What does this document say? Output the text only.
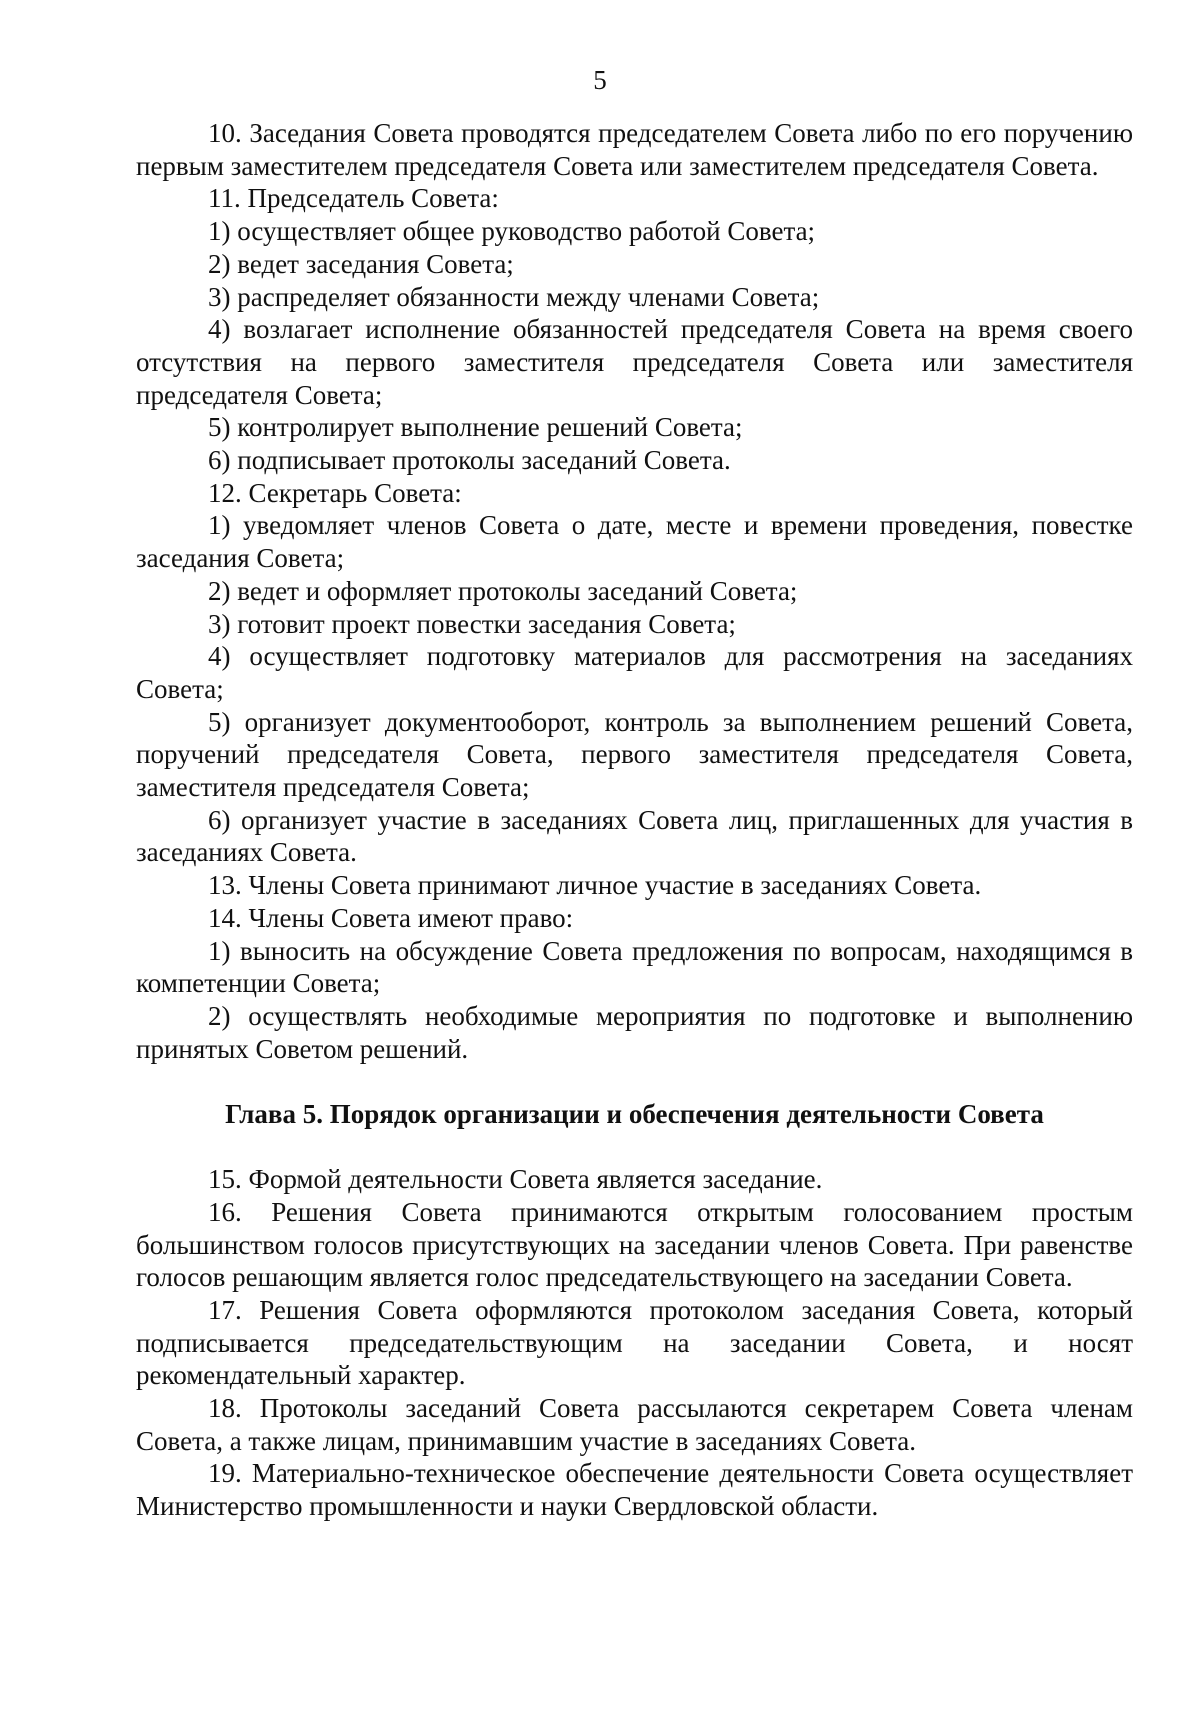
5

10. Заседания Совета проводятся председателем Совета либо по его поручению первым заместителем председателя Совета или заместителем председателя Совета.

11. Председатель Совета:

1) осуществляет общее руководство работой Совета;

2) ведет заседания Совета;

3) распределяет обязанности между членами Совета;

4) возлагает исполнение обязанностей председателя Совета на время своего отсутствия на первого заместителя председателя Совета или заместителя председателя Совета;

5) контролирует выполнение решений Совета;

6) подписывает протоколы заседаний Совета.

12. Секретарь Совета:

1) уведомляет членов Совета о дате, месте и времени проведения, повестке заседания Совета;

2) ведет и оформляет протоколы заседаний Совета;

3) готовит проект повестки заседания Совета;

4) осуществляет подготовку материалов для рассмотрения на заседаниях Совета;

5) организует документооборот, контроль за выполнением решений Совета, поручений председателя Совета, первого заместителя председателя Совета, заместителя председателя Совета;

6) организует участие в заседаниях Совета лиц, приглашенных для участия в заседаниях Совета.

13. Члены Совета принимают личное участие в заседаниях Совета.

14. Члены Совета имеют право:

1) выносить на обсуждение Совета предложения по вопросам, находящимся в компетенции Совета;

2) осуществлять необходимые мероприятия по подготовке и выполнению принятых Советом решений.

Глава 5. Порядок организации и обеспечения деятельности Совета

15. Формой деятельности Совета является заседание.

16. Решения Совета принимаются открытым голосованием простым большинством голосов присутствующих на заседании членов Совета. При равенстве голосов решающим является голос председательствующего на заседании Совета.

17. Решения Совета оформляются протоколом заседания Совета, который подписывается председательствующим на заседании Совета, и носят рекомендательный характер.

18. Протоколы заседаний Совета рассылаются секретарем Совета членам Совета, а также лицам, принимавшим участие в заседаниях Совета.

19. Материально-техническое обеспечение деятельности Совета осуществляет Министерство промышленности и науки Свердловской области.
